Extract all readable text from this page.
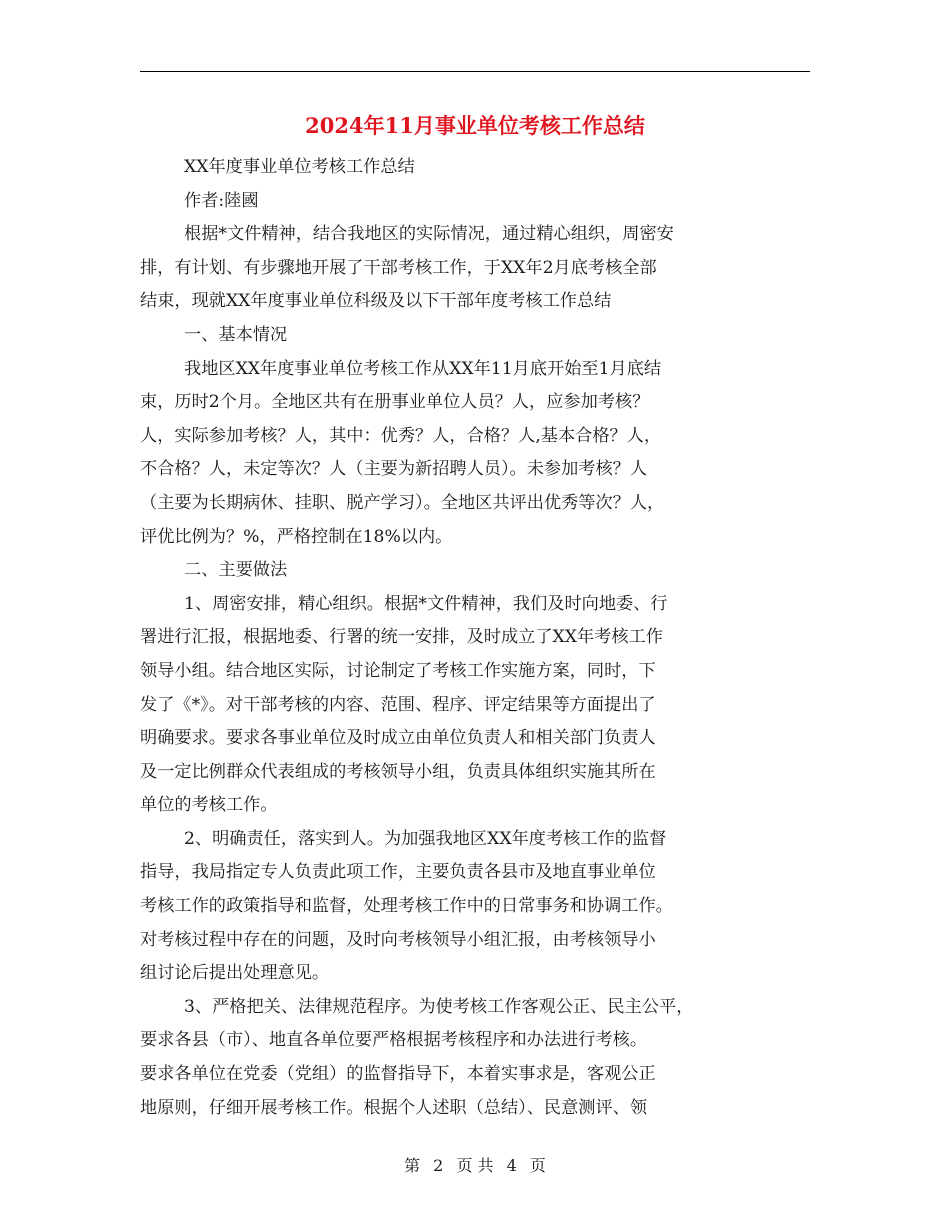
2024年11月事业单位考核工作总结
XX年度事业单位考核工作总结
作者:陸國
根据*文件精神，结合我地区的实际情况，通过精心组织，周密安
排，有计划、有步骤地开展了干部考核工作，于XX年2月底考核全部
结束，现就XX年度事业单位科级及以下干部年度考核工作总结
一、基本情况
我地区XX年度事业单位考核工作从XX年11月底开始至1月底结
束，历时2个月。全地区共有在册事业单位人员？人，应参加考核？
人，实际参加考核？人，其中：优秀？人，合格？人,基本合格？人，
不合格？人，未定等次？人（主要为新招聘人员）。未参加考核？人
（主要为长期病休、挂职、脱产学习）。全地区共评出优秀等次？人，
评优比例为？%，严格控制在18%以内。
二、主要做法
1、周密安排，精心组织。根据*文件精神，我们及时向地委、行
署进行汇报，根据地委、行署的统一安排，及时成立了XX年考核工作
领导小组。结合地区实际，讨论制定了考核工作实施方案，同时，下
发了《*》。对干部考核的内容、范围、程序、评定结果等方面提出了
明确要求。要求各事业单位及时成立由单位负责人和相关部门负责人
及一定比例群众代表组成的考核领导小组，负责具体组织实施其所在
单位的考核工作。
2、明确责任，落实到人。为加强我地区XX年度考核工作的监督
指导，我局指定专人负责此项工作，主要负责各县市及地直事业单位
考核工作的政策指导和监督，处理考核工作中的日常事务和协调工作。
对考核过程中存在的问题，及时向考核领导小组汇报，由考核领导小
组讨论后提出处理意见。
3、严格把关、法律规范程序。为使考核工作客观公正、民主公平，
要求各县（市）、地直各单位要严格根据考核程序和办法进行考核。
要求各单位在党委（党组）的监督指导下，本着实事求是，客观公正
地原则，仔细开展考核工作。根据个人述职（总结）、民意测评、领
第 2 页 共 4 页
